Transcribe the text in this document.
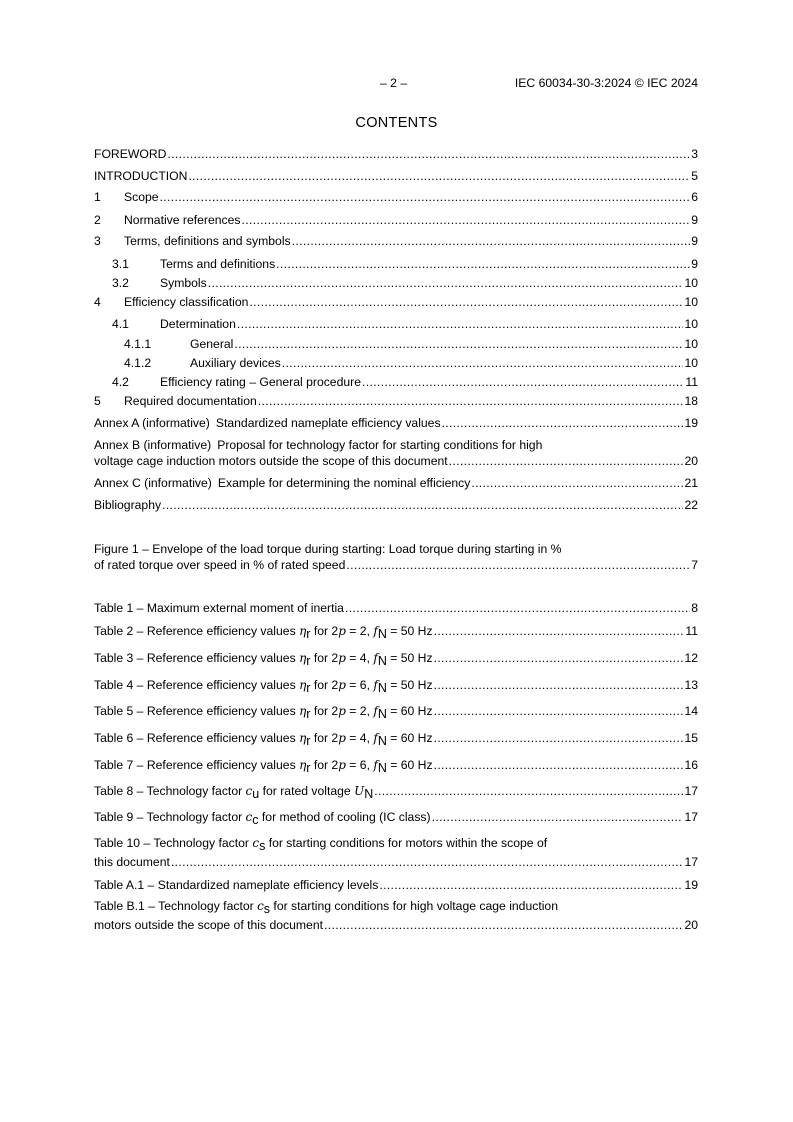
– 2 –	IEC 60034-30-3:2024 © IEC 2024
CONTENTS
FOREWORD .....	3
INTRODUCTION .....	5
1	Scope .....	6
2	Normative references .....	9
3	Terms, definitions and symbols .....	9
3.1	Terms and definitions .....	9
3.2	Symbols .....	10
4	Efficiency classification .....	10
4.1	Determination .....	10
4.1.1	General .....	10
4.1.2	Auxiliary devices .....	10
4.2	Efficiency rating – General procedure .....	11
5	Required documentation .....	18
Annex A (informative) Standardized nameplate efficiency values .....	19
Annex B (informative) Proposal for technology factor for starting conditions for high
voltage cage induction motors outside the scope of this document .....	20
Annex C (informative) Example for determining the nominal efficiency .....	21
Bibliography .....	22
Figure 1 – Envelope of the load torque during starting: Load torque during starting in %
of rated torque over speed in % of rated speed .....	7
Table 1 – Maximum external moment of inertia .....	8
Table 2 – Reference efficiency values ηr for 2p = 2, fN = 50 Hz .....	11
Table 3 – Reference efficiency values ηr for 2p = 4, fN = 50 Hz .....	12
Table 4 – Reference efficiency values ηr for 2p = 6, fN = 50 Hz .....	13
Table 5 – Reference efficiency values ηr for 2p = 2, fN = 60 Hz .....	14
Table 6 – Reference efficiency values ηr for 2p = 4, fN = 60 Hz .....	15
Table 7 – Reference efficiency values ηr for 2p = 6, fN = 60 Hz .....	16
Table 8 – Technology factor cu for rated voltage UN .....	17
Table 9 – Technology factor cc for method of cooling (IC class) .....	17
Table 10 – Technology factor cs for starting conditions for motors within the scope of
this document .....	17
Table A.1 – Standardized nameplate efficiency levels .....	19
Table B.1 – Technology factor cs for starting conditions for high voltage cage induction
motors outside the scope of this document .....	20
